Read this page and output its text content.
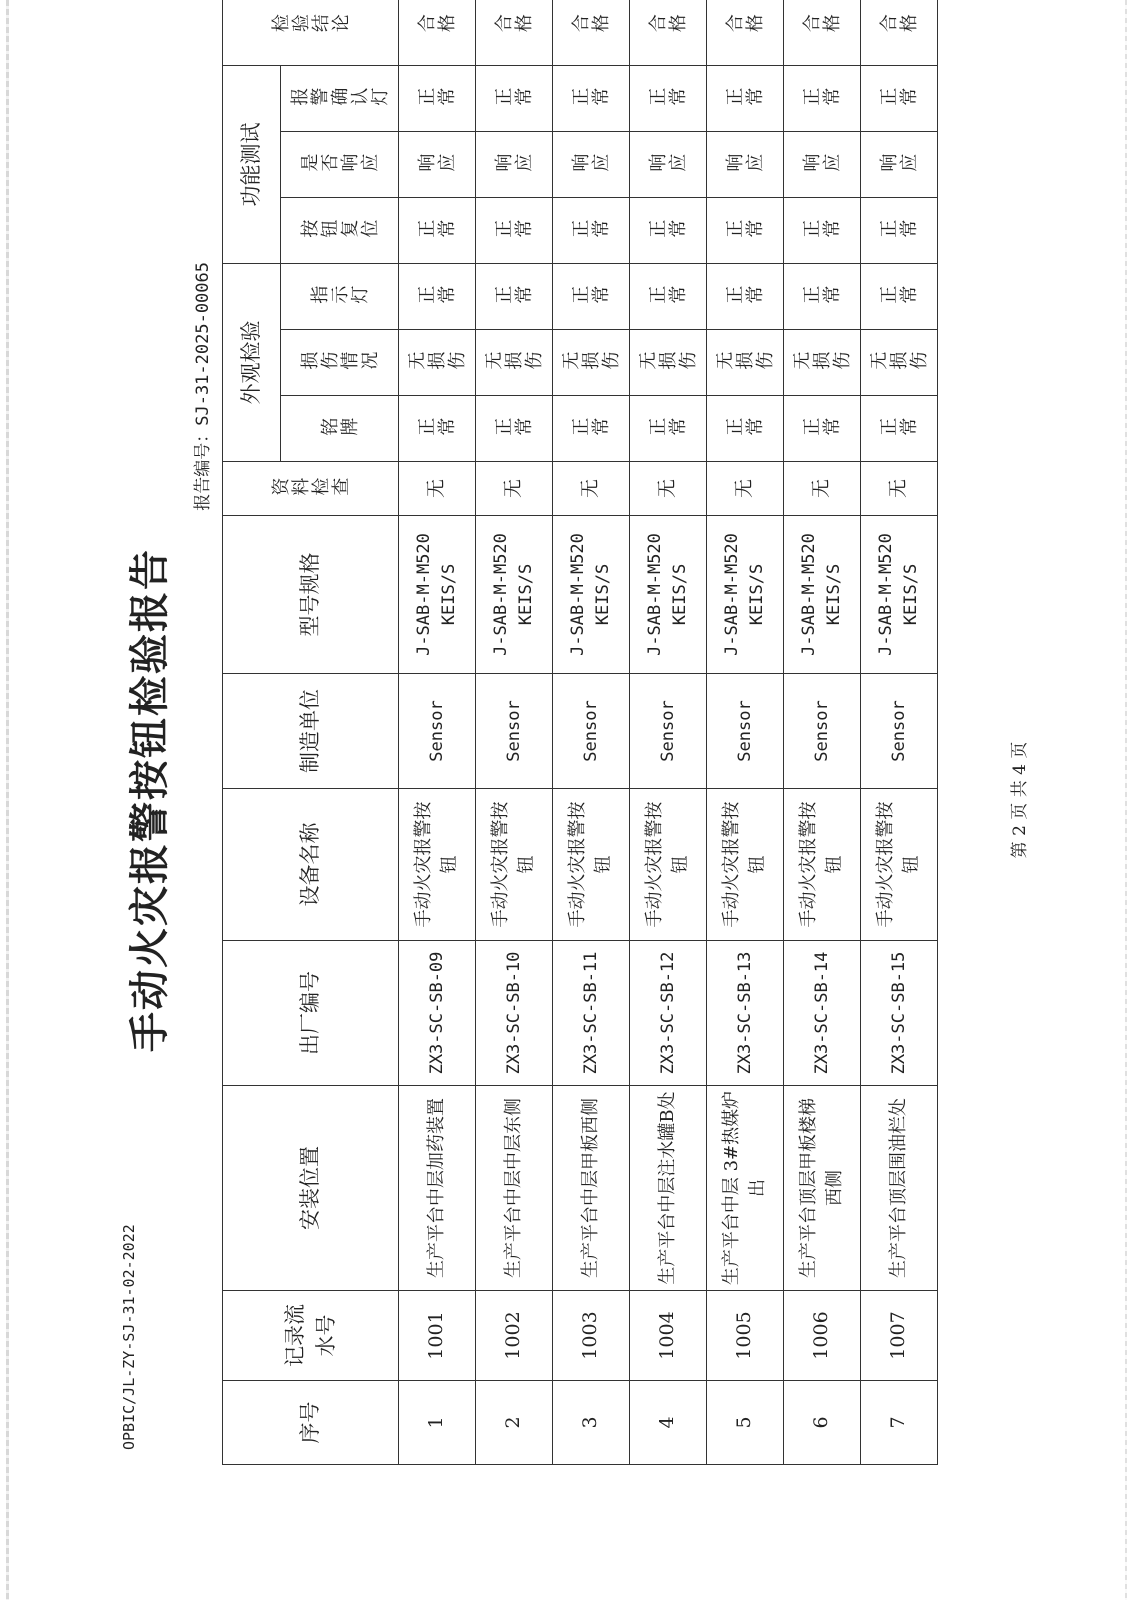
OPBIC/JL-ZY-SJ-31-02-2022
手动火灾报警按钮检验报告
报告编号：SJ-31-2025-00065
序号	记录流水号	安装位置	出厂编号	设备名称	制造单位	型号规格	资料检查	外观检验			功能测试			检验结论

								铭牌	损伤情况	指示灯	按钮复位	是否响应	报警确认灯	

1	1001	生产平台中层加药装置	ZX3-SC-SB-09	手动火灾报警按钮	Sensor	J-SAB-M-M520 KEIS/S	无	正常	无损伤	正常	正常	响应	正常	合格

2	1002	生产平台中层中层东侧	ZX3-SC-SB-10	手动火灾报警按钮	Sensor	J-SAB-M-M520 KEIS/S	无	正常	无损伤	正常	正常	响应	正常	合格

3	1003	生产平台中层甲板西侧	ZX3-SC-SB-11	手动火灾报警按钮	Sensor	J-SAB-M-M520 KEIS/S	无	正常	无损伤	正常	正常	响应	正常	合格

4	1004	生产平台中层注水罐B处	ZX3-SC-SB-12	手动火灾报警按钮	Sensor	J-SAB-M-M520 KEIS/S	无	正常	无损伤	正常	正常	响应	正常	合格

5	1005	生产平台中层 3#热媒炉出	ZX3-SC-SB-13	手动火灾报警按钮	Sensor	J-SAB-M-M520 KEIS/S	无	正常	无损伤	正常	正常	响应	正常	合格

6	1006	生产平台顶层甲板楼梯西侧	ZX3-SC-SB-14	手动火灾报警按钮	Sensor	J-SAB-M-M520 KEIS/S	无	正常	无损伤	正常	正常	响应	正常	合格

7	1007	生产平台顶层围油栏处	ZX3-SC-SB-15	手动火灾报警按钮	Sensor	J-SAB-M-M520 KEIS/S	无	正常	无损伤	正常	正常	响应	正常	合格
第 2 页 共 4 页
